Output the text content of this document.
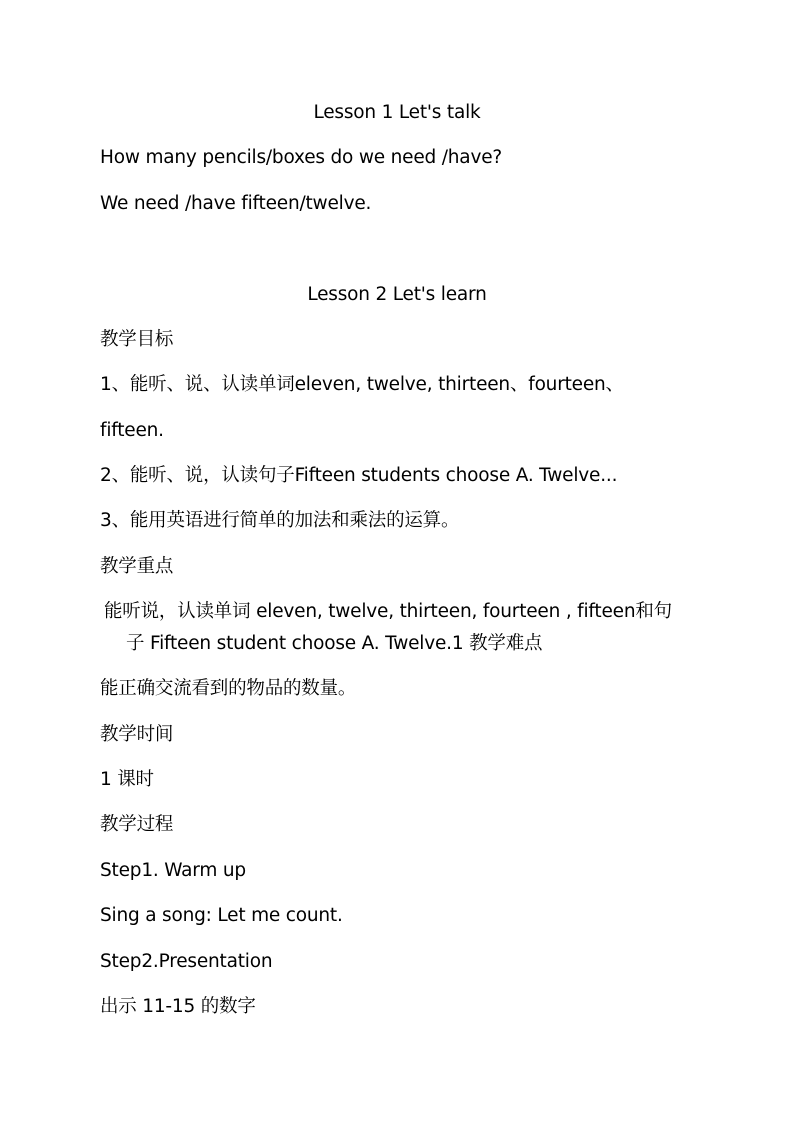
Lesson 1 Let's talk
How many pencils/boxes do we need /have?
We need /have fifteen/twelve.
Lesson 2 Let's learn
教学目标
1、能听、说、认读单词eleven, twelve, thirteen、fourteen、
fifteen.
2、能听、说，认读句子Fifteen students choose A. Twelve...
3、能用英语进行简单的加法和乘法的运算。
教学重点
能听说，认读单词 eleven, twelve, thirteen, fourteen , fifteen和句
子 Fifteen student choose A. Twelve.1 教学难点
能正确交流看到的物品的数量。
教学时间
1 课时
教学过程
Step1. Warm up
Sing a song: Let me count.
Step2.Presentation
出示 11-15 的数字
